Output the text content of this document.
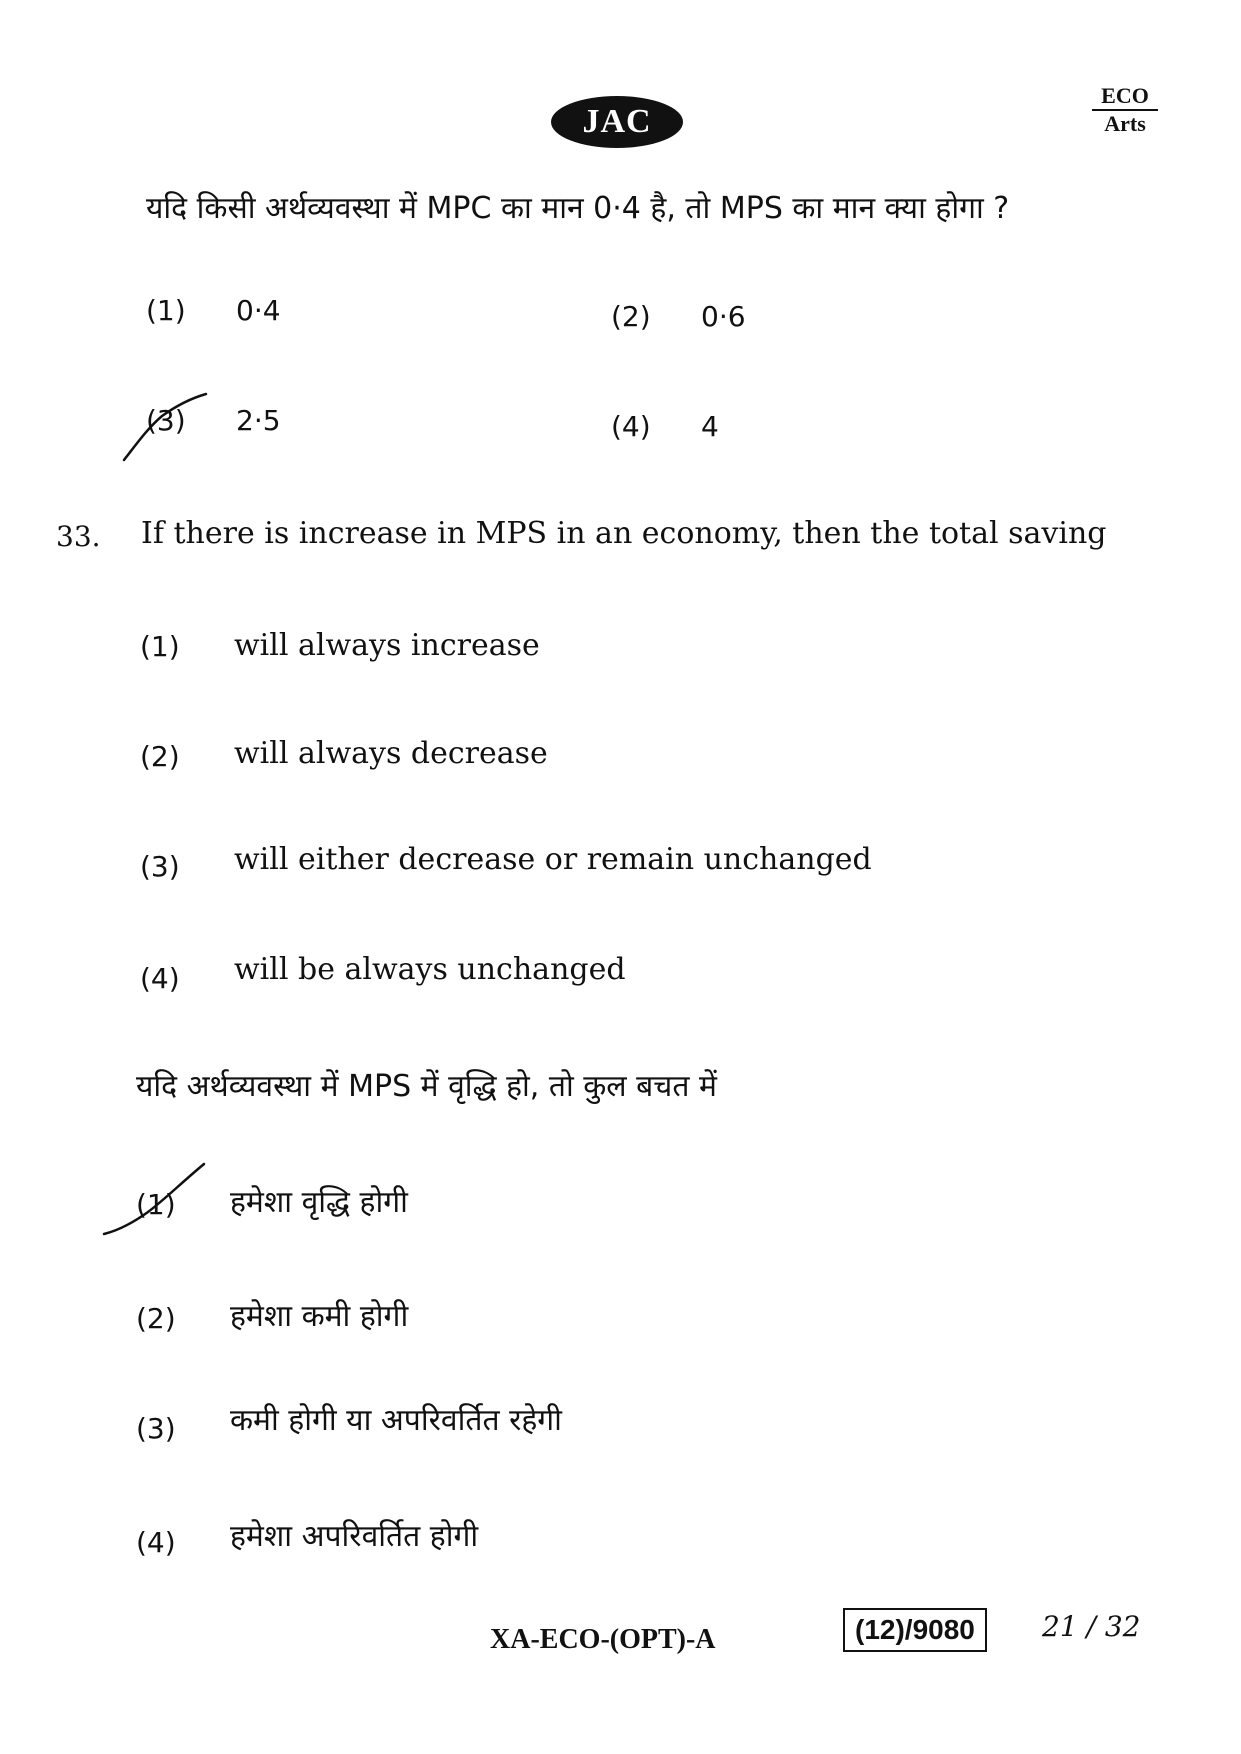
JAC
ECO
Arts
यदि किसी अर्थव्यवस्था में MPC का मान 0·4 है, तो MPS का मान क्या होगा ?
(1) 0·4	(2) 0·6
(3) 2·5	(4) 4
33. If there is increase in MPS in an economy, then the total saving
(1) will always increase
(2) will always decrease
(3) will either decrease or remain unchanged
(4) will be always unchanged
यदि अर्थव्यवस्था में MPS में वृद्धि हो, तो कुल बचत में
(1) हमेशा वृद्धि होगी
(2) हमेशा कमी होगी
(3) कमी होगी या अपरिवर्तित रहेगी
(4) हमेशा अपरिवर्तित होगी
XA-ECO-(OPT)-A	(12)/9080	21 / 32
